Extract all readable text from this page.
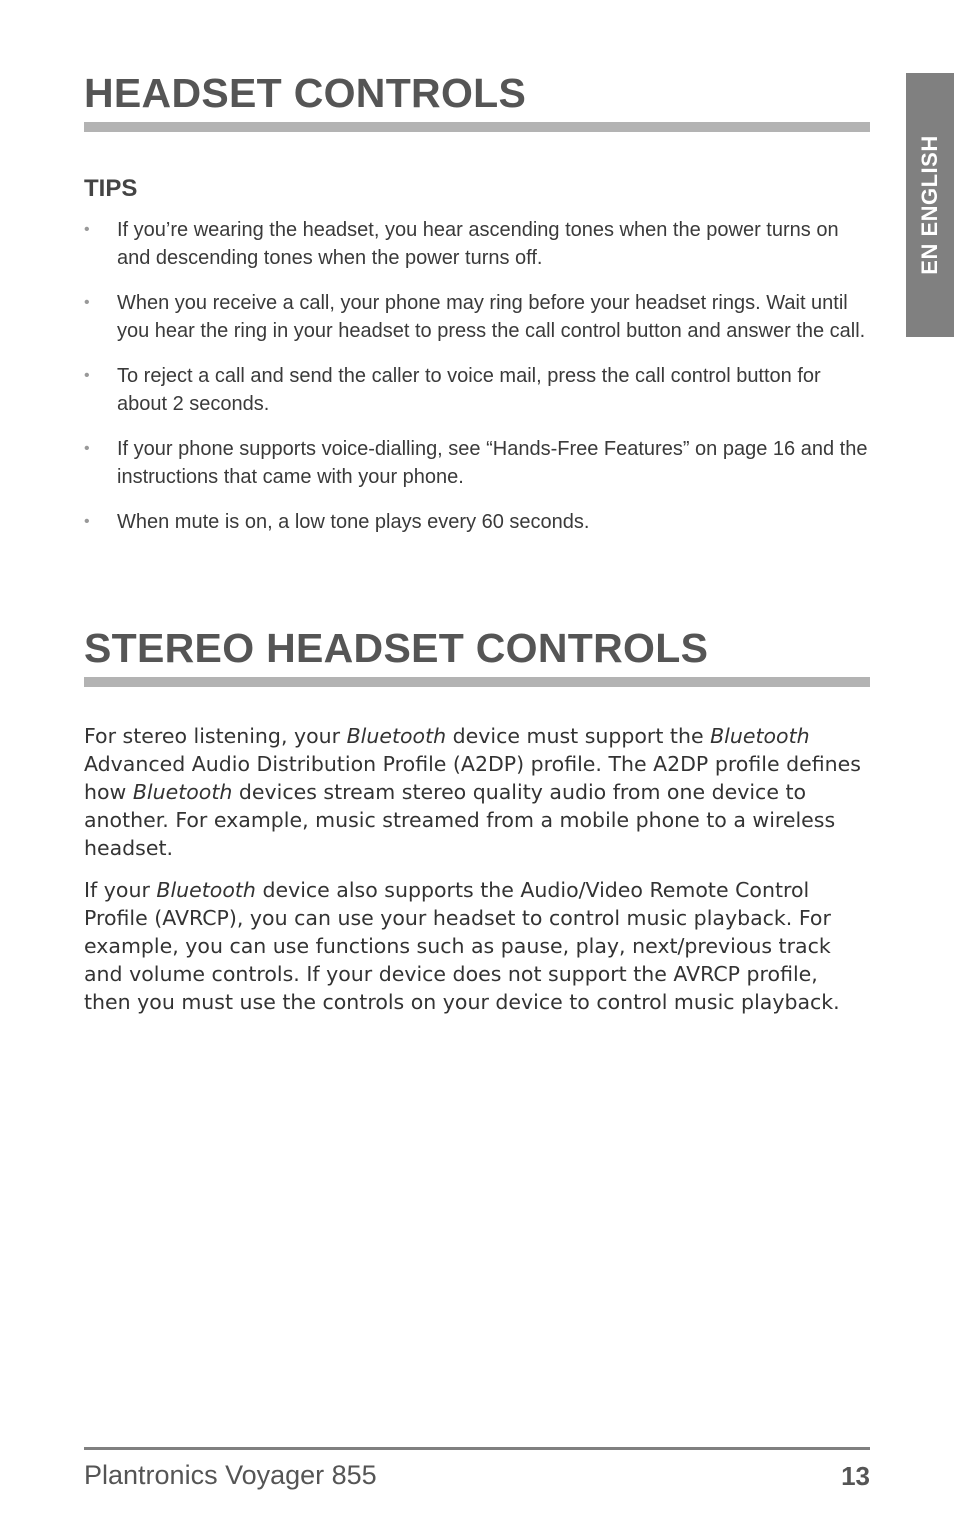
EN ENGLISH
HEADSET CONTROLS
TIPS
• If you’re wearing the headset, you hear ascending tones when the power turns on and descending tones when the power turns off.
• When you receive a call, your phone may ring before your headset rings. Wait until you hear the ring in your headset to press the call control button and answer the call.
• To reject a call and send the caller to voice mail, press the call control button for about 2 seconds.
• If your phone supports voice-dialling, see “Hands-Free Features” on page 16 and the instructions that came with your phone.
• When mute is on, a low tone plays every 60 seconds.
STEREO HEADSET CONTROLS

For stereo listening, your Bluetooth device must support the Bluetooth Advanced Audio Distribution Profile (A2DP) profile. The A2DP profile defines how Bluetooth devices stream stereo quality audio from one device to another. For example, music streamed from a mobile phone to a wireless headset.

If your Bluetooth device also supports the Audio/Video Remote Control Profile (AVRCP), you can use your headset to control music playback. For example, you can use functions such as pause, play, next/previous track and volume controls. If your device does not support the AVRCP profile, then you must use the controls on your device to control music playback.

Plantronics Voyager 855	13
